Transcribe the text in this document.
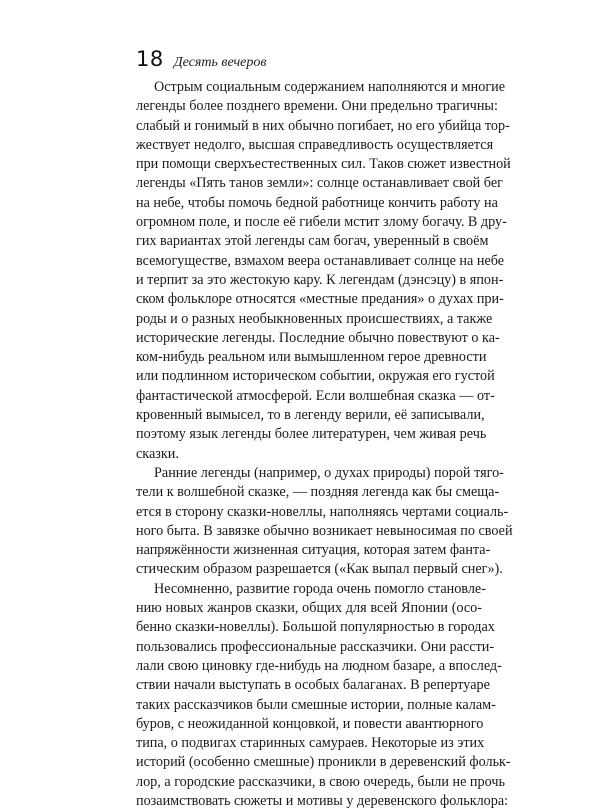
18 Десять вечеров
Острым социальным содержанием наполняются и многие
легенды более позднего времени. Они предельно трагичны:
слабый и гонимый в них обычно погибает, но его убийца тор-
жествует недолго, высшая справедливость осуществляется
при помощи сверхъестественных сил. Таков сюжет известной
легенды «Пять танов земли»: солнце останавливает свой бег
на небе, чтобы помочь бедной работнице кончить работу на
огромном поле, и после её гибели мстит злому богачу. В дру-
гих вариантах этой легенды сам богач, уверенный в своём
всемогуществе, взмахом веера останавливает солнце на небе
и терпит за это жестокую кару. К легендам (дэнсэцу) в япон-
ском фольклоре относятся «местные предания» о духах при-
роды и о разных необыкновенных происшествиях, а также
исторические легенды. Последние обычно повествуют о ка-
ком-нибудь реальном или вымышленном герое древности
или подлинном историческом событии, окружая его густой
фантастической атмосферой. Если волшебная сказка — от-
кровенный вымысел, то в легенду верили, её записывали,
поэтому язык легенды более литературен, чем живая речь
сказки.
Ранние легенды (например, о духах природы) порой тяго-
тели к волшебной сказке, — поздняя легенда как бы смеща-
ется в сторону сказки-новеллы, наполняясь чертами социаль-
ного быта. В завязке обычно возникает невыносимая по своей
напряжённости жизненная ситуация, которая затем фанта-
стическим образом разрешается («Как выпал первый снег»).
Несомненно, развитие города очень помогло становле-
нию новых жанров сказки, общих для всей Японии (осо-
бенно сказки-новеллы). Большой популярностью в городах
пользовались профессиональные рассказчики. Они рассти-
лали свою циновку где-нибудь на людном базаре, а впослед-
ствии начали выступать в особых балаганах. В репертуаре
таких рассказчиков были смешные истории, полные калам-
буров, с неожиданной концовкой, и повести авантюрного
типа, о подвигах старинных самураев. Некоторые из этих
историй (особенно смешные) проникли в деревенский фольк-
лор, а городские рассказчики, в свою очередь, были не прочь
позаимствовать сюжеты и мотивы у деревенского фольклора:
